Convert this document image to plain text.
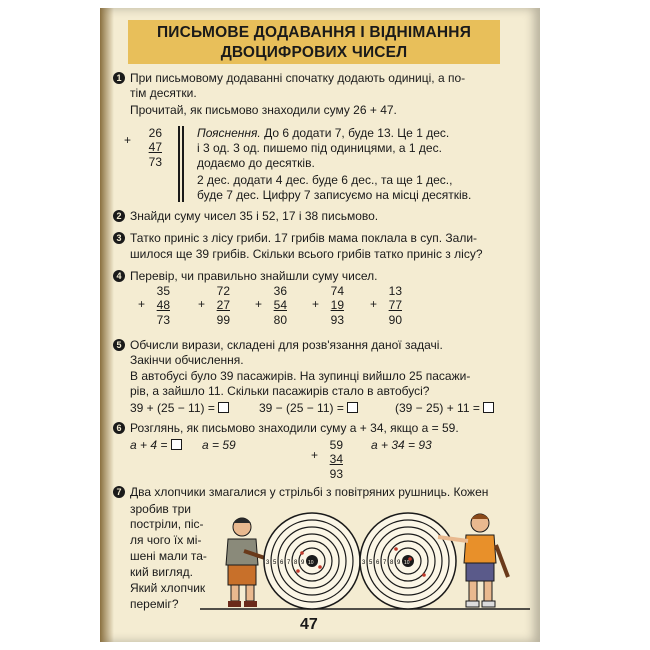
ПИСЬМОВЕ ДОДАВАННЯ І ВІДНІМАННЯ
ДВОЦИФРОВИХ ЧИСЕЛ
1 При письмовому додаванні спочатку додають одиниці, а по-
тім десятки.
Прочитай, як письмово знаходили суму 26 + 47.
+	26
47
73
Пояснення. До 6 додати 7, буде 13. Це 1 дес.
і 3 од. 3 од. пишемо під одиницями, а 1 дес.
додаємо до десятків.
2 дес. додати 4 дес. буде 6 дес., та ще 1 дес.,
буде 7 дес. Цифру 7 записуємо на місці десятків.
2 Знайди суму чисел 35 і 52, 17 і 38 письмово.
3 Татко приніс з лісу гриби. 17 грибів мама поклала в суп. Зали-
шилося ще 39 грибів. Скільки всього грибів татко приніс з лісу?
4 Перевір, чи правильно знайшли суму чисел.
+
35
48
73
+
72
27
99
+
36
54
80
+
74
19
93
+
13
77
90
5 Обчисли вирази, складені для розв'язання даної задачі.
Закінчи обчислення.
В автобусі було 39 пасажирів. На зупинці вийшло 25 пасажи-
рів, а зайшло 11. Скільки пасажирів стало в автобусі?
39 + (25 − 11) =	39 − (25 − 11) =	(39 − 25) + 11 =
6 Розглянь, як письмово знаходили суму a + 34, якщо a = 59.
a + 4 =	a = 59
+
59
34
93
a + 34 = 93
7 Два хлопчики змагалися у стрільбі з повітряних рушниць. Кожен
зробив три
постріли, піс-
ля чого їх мі-
шені мали та-
кий вигляд.
Який хлопчик
переміг?
3 5 6 7 8 9 10	3 5 6 7 8 9 10
47
